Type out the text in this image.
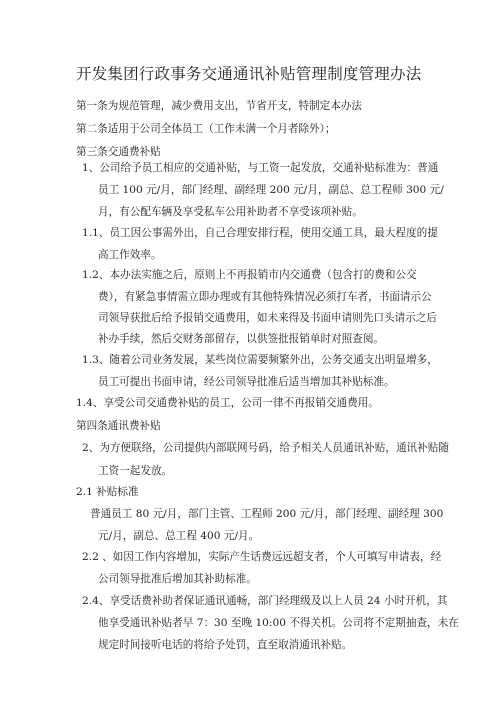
开发集团行政事务交通通讯补贴管理制度管理办法
第一条为规范管理，减少费用支出，节省开支，特制定本办法
第二条适用于公司全体员工（工作未满一个月者除外）；
第三条交通费补贴
1、公司给予员工相应的交通补贴，与工资一起发放，交通补贴标准为：普通
员工 100 元/月，部门经理、副经理 200 元/月，副总、总工程师 300 元/
月，有公配车辆及享受私车公用补助者不享受该项补贴。
1.1、员工因公事需外出，自己合理安排行程，使用交通工具，最大程度的提
高工作效率。
1.2、本办法实施之后，原则上不再报销市内交通费（包含打的费和公交
费），有紧急事情需立即办理或有其他特殊情况必须打车者，书面请示公
司领导获批后给予报销交通费用，如未来得及书面申请则先口头请示之后
补办手续，然后交财务部留存，以供签批报销单时对照查阅。
1.3、随着公司业务发展，某些岗位需要频繁外出，公务交通支出明显增多，
员工可提出书面申请，经公司领导批准后适当增加其补贴标准。
1.4、享受公司交通费补贴的员工，公司一律不再报销交通费用。
第四条通讯费补贴
2、为方便联络，公司提供内部联网号码，给予相关人员通讯补贴，通讯补贴随
工资一起发放。
2.1 补贴标准
普通员工 80 元/月，部门主管、工程师 200 元/月，部门经理、副经理 300
元/月，副总、总工程 400 元/月。
2.2 、如因工作内容增加，实际产生话费远远超支者，个人可填写申请表，经
公司领导批准后增加其补助标准。
2.4、享受话费补助者保证通讯通畅，部门经理级及以上人员 24 小时开机，其
他享受通讯补贴者早 7：30 至晚 10:00 不得关机。公司将不定期抽查，未在
规定时间接听电话的将给予处罚，直至取消通讯补贴。
